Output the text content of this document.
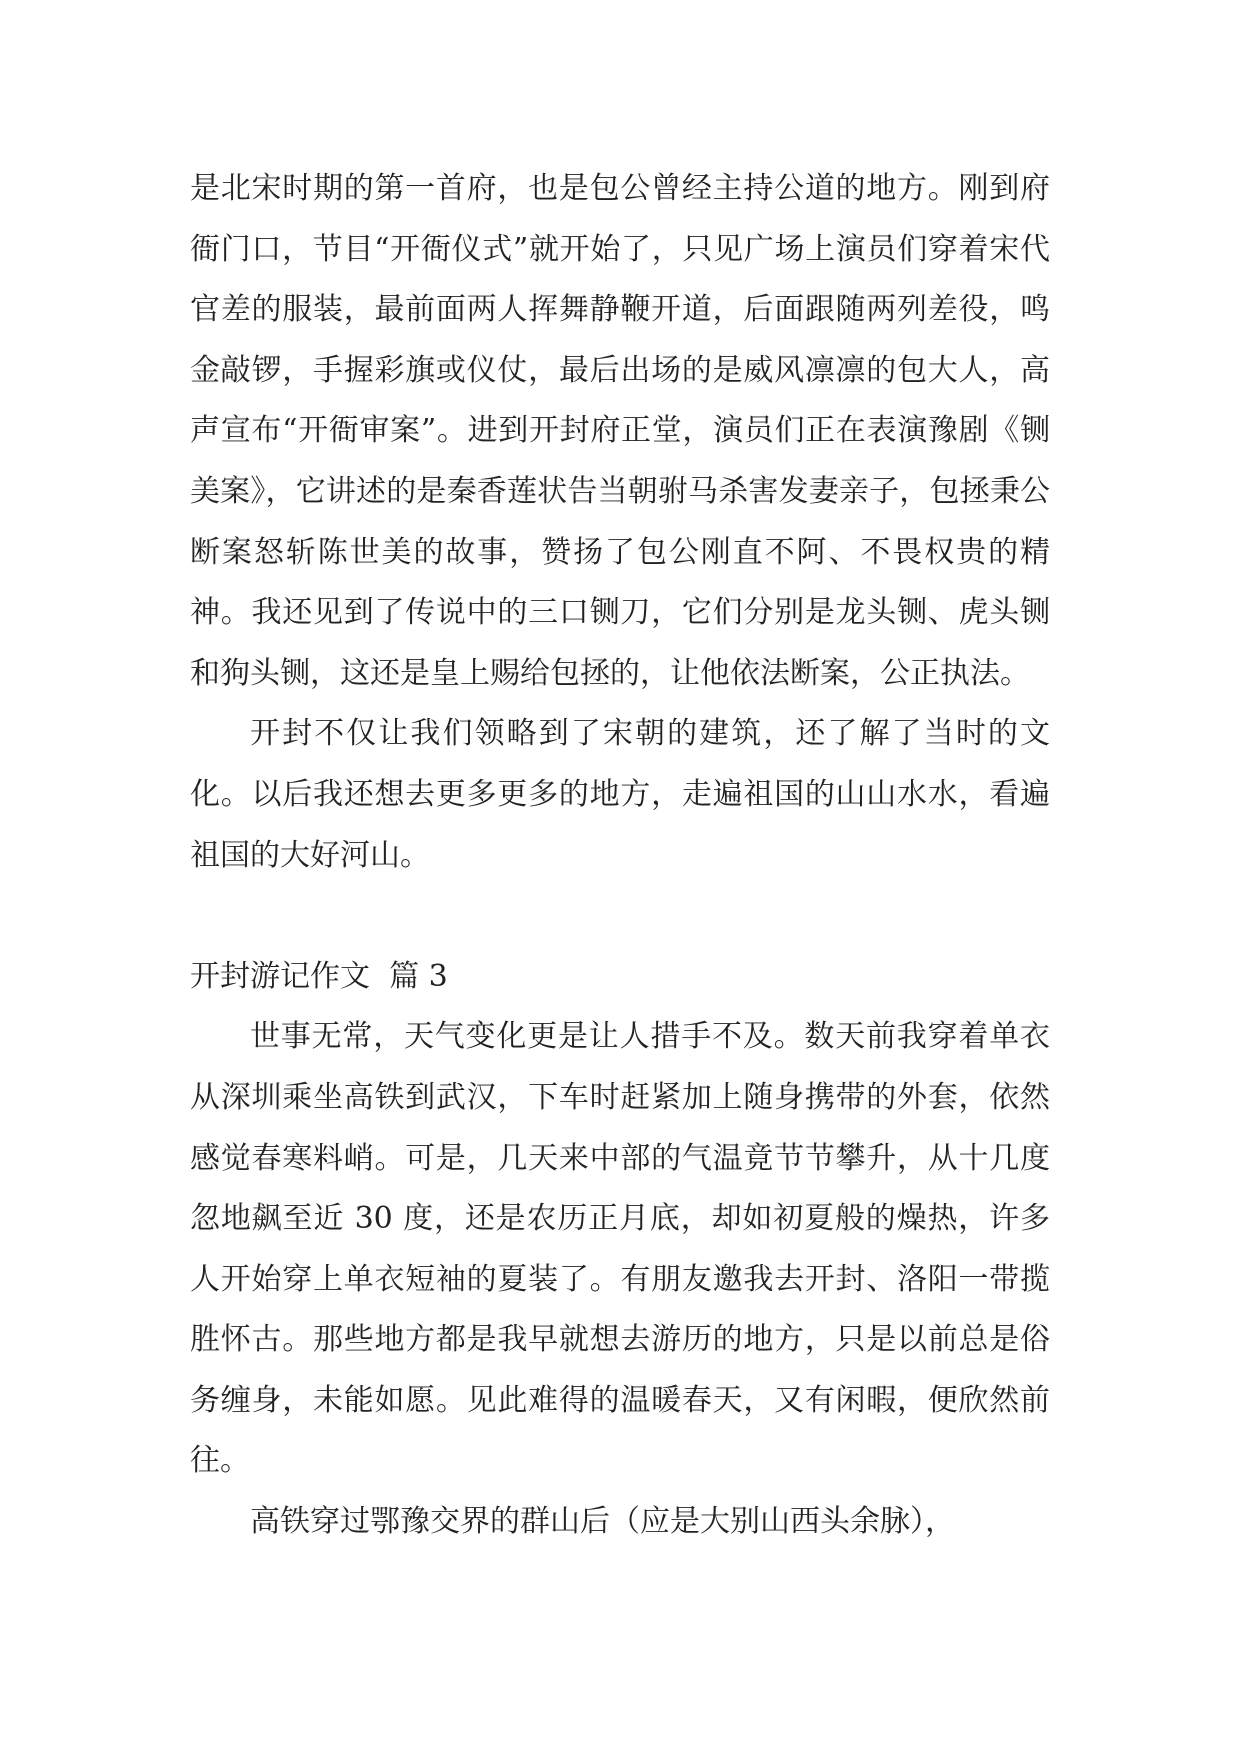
是北宋时期的第一首府，也是包公曾经主持公道的地方。刚到府衙门口，节目“开衙仪式”就开始了，只见广场上演员们穿着宋代官差的服装，最前面两人挥舞静鞭开道，后面跟随两列差役，鸣金敲锣，手握彩旗或仪仗，最后出场的是威风凛凛的包大人，高声宣布“开衙审案”。进到开封府正堂，演员们正在表演豫剧《铡美案》，它讲述的是秦香莲状告当朝驸马杀害发妻亲子，包拯秉公断案怒斩陈世美的故事，赞扬了包公刚直不阿、不畏权贵的精神。我还见到了传说中的三口铡刀，它们分别是龙头铡、虎头铡和狗头铡，这还是皇上赐给包拯的，让他依法断案，公正执法。

开封不仅让我们领略到了宋朝的建筑，还了解了当时的文化。以后我还想去更多更多的地方，走遍祖国的山山水水，看遍祖国的大好河山。

开封游记作文  篇 3

世事无常，天气变化更是让人措手不及。数天前我穿着单衣从深圳乘坐高铁到武汉，下车时赶紧加上随身携带的外套，依然感觉春寒料峭。可是，几天来中部的气温竟节节攀升，从十几度忽地飙至近 30 度，还是农历正月底，却如初夏般的燥热，许多人开始穿上单衣短袖的夏装了。有朋友邀我去开封、洛阳一带揽胜怀古。那些地方都是我早就想去游历的地方，只是以前总是俗务缠身，未能如愿。见此难得的温暖春天，又有闲暇，便欣然前往。

高铁穿过鄂豫交界的群山后（应是大别山西头余脉），
